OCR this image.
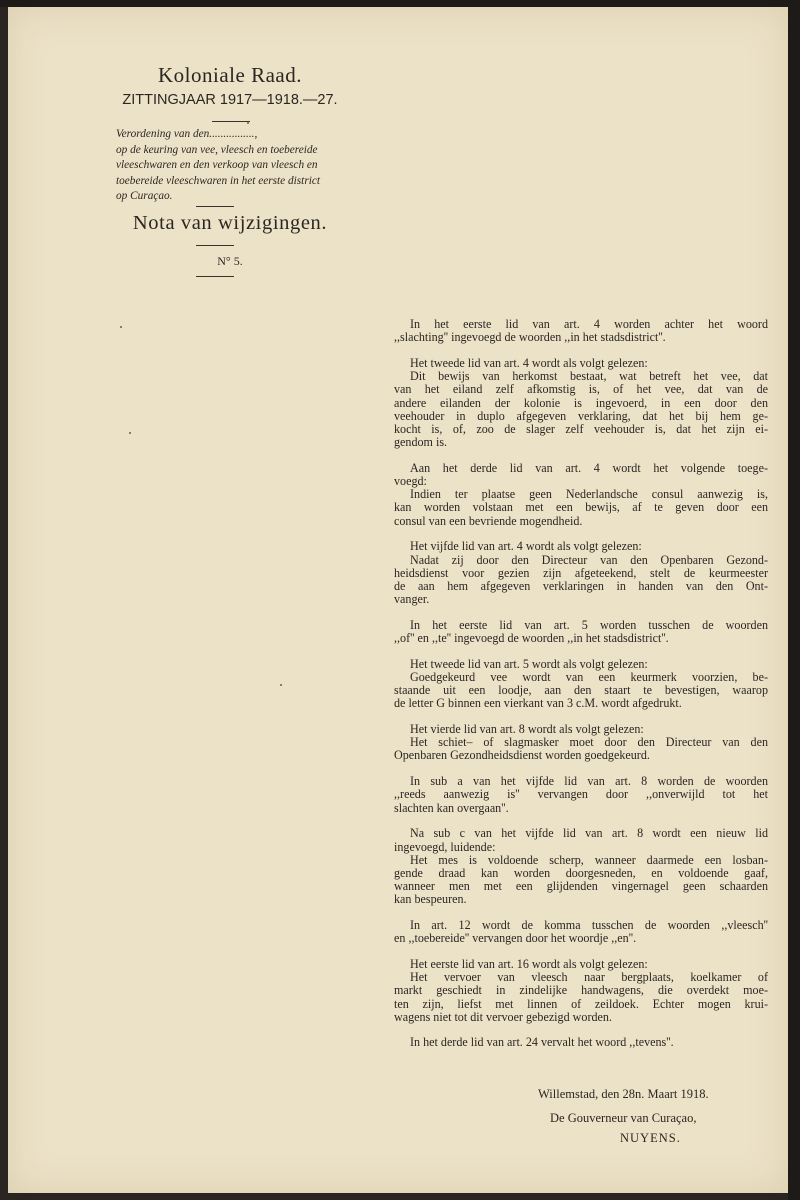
Koloniale Raad.
ZITTINGJAAR 1917—1918.—27.
Verordening van den................,
op de keuring van vee, vleesch en toebereide
vleeschwaren en den verkoop van vleesch en
toebereide vleeschwaren in het eerste district
op Curaçao.
Nota van wijzigingen.
N° 5.
In het eerste lid van art. 4 worden achter het woord
,,slachting'' ingevoegd de woorden ,,in het stadsdistrict''.
Het tweede lid van art. 4 wordt als volgt gelezen:
Dit bewijs van herkomst bestaat, wat betreft het vee, dat
van het eiland zelf afkomstig is, of het vee, dat van de
andere eilanden der kolonie is ingevoerd, in een door den
veehouder in duplo afgegeven verklaring, dat het bij hem ge-
kocht is, of, zoo de slager zelf veehouder is, dat het zijn ei-
gendom is.
Aan het derde lid van art. 4 wordt het volgende toege-
voegd:
Indien ter plaatse geen Nederlandsche consul aanwezig is,
kan worden volstaan met een bewijs, af te geven door een
consul van een bevriende mogendheid.
Het vijfde lid van art. 4 wordt als volgt gelezen:
Nadat zij door den Directeur van den Openbaren Gezond-
heidsdienst voor gezien zijn afgeteekend, stelt de keurmeester
de aan hem afgegeven verklaringen in handen van den Ont-
vanger.
In het eerste lid van art. 5 worden tusschen de woorden
,,of'' en ,,te'' ingevoegd de woorden ,,in het stadsdistrict''.
Het tweede lid van art. 5 wordt als volgt gelezen:
Goedgekeurd vee wordt van een keurmerk voorzien, be-
staande uit een loodje, aan den staart te bevestigen, waarop
de letter G binnen een vierkant van 3 c.M. wordt afgedrukt.
Het vierde lid van art. 8 wordt als volgt gelezen:
Het schiet– of slagmasker moet door den Directeur van den
Openbaren Gezondheidsdienst worden goedgekeurd.
In sub a van het vijfde lid van art. 8 worden de woorden
,,reeds aanwezig is'' vervangen door ,,onverwijld tot het
slachten kan overgaan''.
Na sub c van het vijfde lid van art. 8 wordt een nieuw lid
ingevoegd, luidende:
Het mes is voldoende scherp, wanneer daarmede een losban-
gende draad kan worden doorgesneden, en voldoende gaaf,
wanneer men met een glijdenden vingernagel geen schaarden
kan bespeuren.
In art. 12 wordt de komma tusschen de woorden ,,vleesch''
en ,,toebereide'' vervangen door het woordje ,,en''.
Het eerste lid van art. 16 wordt als volgt gelezen:
Het vervoer van vleesch naar bergplaats, koelkamer of
markt geschiedt in zindelijke handwagens, die overdekt moe-
ten zijn, liefst met linnen of zeildoek. Echter mogen krui-
wagens niet tot dit vervoer gebezigd worden.
In het derde lid van art. 24 vervalt het woord ,,tevens''.
Willemstad, den 28n. Maart 1918.
De Gouverneur van Curaçao,
NUYENS.
